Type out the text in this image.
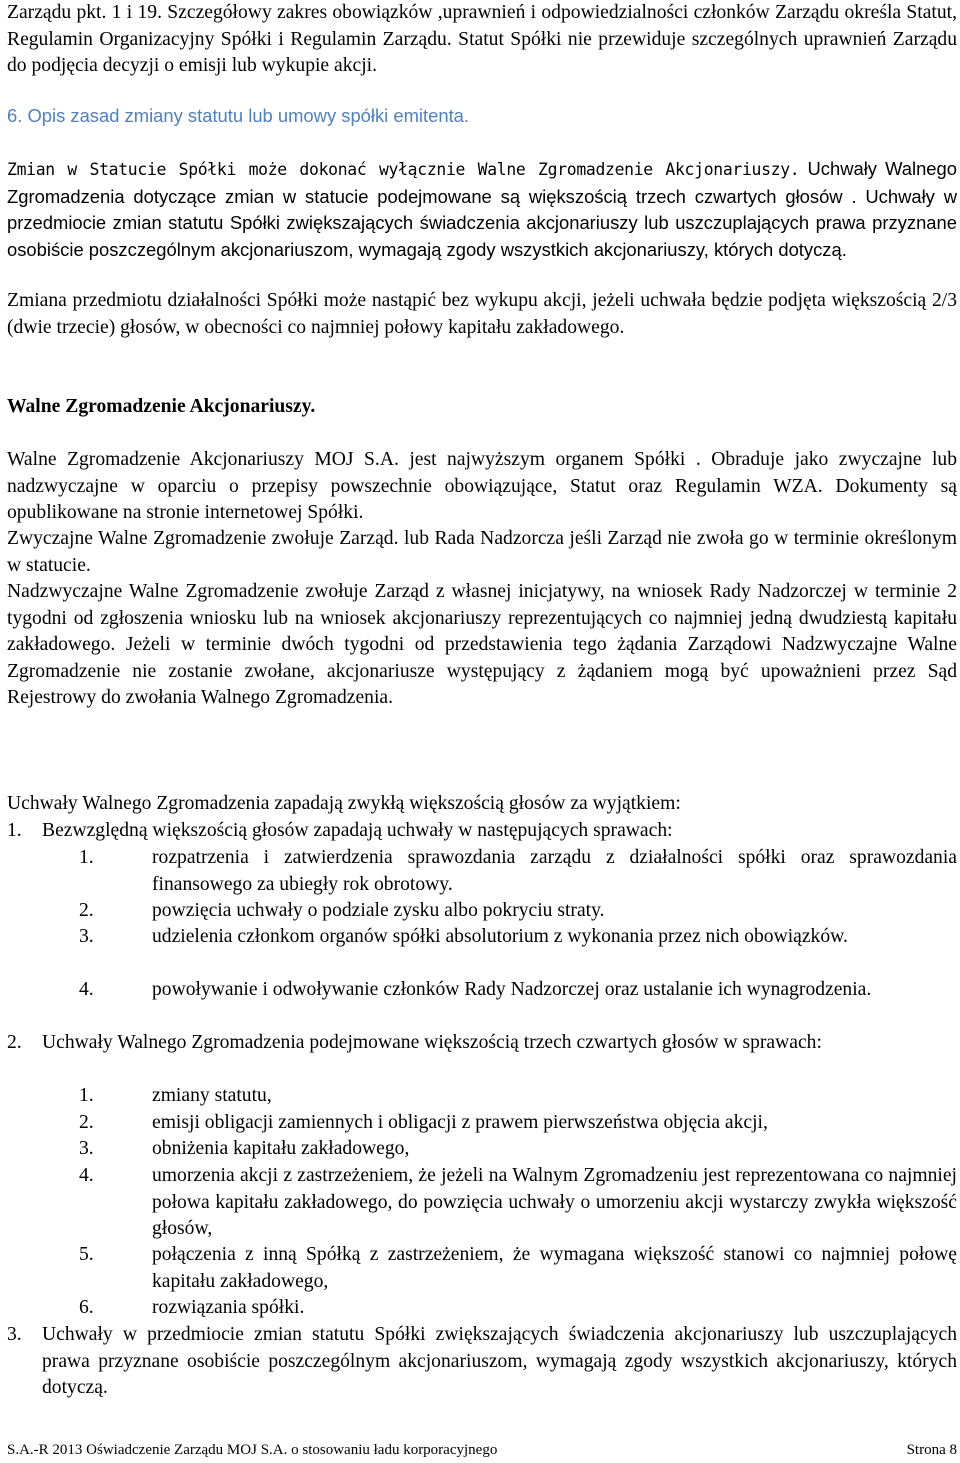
Zarządu pkt. 1 i 19. Szczegółowy zakres obowiązków ,uprawnień i odpowiedzialności członków Zarządu określa Statut, Regulamin Organizacyjny Spółki i Regulamin Zarządu. Statut Spółki nie przewiduje szczególnych uprawnień Zarządu do podjęcia decyzji o emisji lub wykupie akcji.

6. Opis zasad zmiany statutu lub umowy spółki emitenta.

Zmian w Statucie Spółki może dokonać wyłącznie Walne Zgromadzenie Akcjonariuszy. Uchwały Walnego Zgromadzenia dotyczące zmian w statucie podejmowane są większością trzech czwartych głosów . Uchwały w przedmiocie zmian statutu Spółki zwiększających świadczenia akcjonariuszy lub uszczuplających prawa przyznane osobiście poszczególnym akcjonariuszom, wymagają zgody wszystkich akcjonariuszy, których dotyczą.

Zmiana przedmiotu działalności Spółki może nastąpić bez wykupu akcji, jeżeli uchwała będzie podjęta większością 2/3 (dwie trzecie) głosów, w obecności co najmniej połowy kapitału zakładowego.

Walne Zgromadzenie Akcjonariuszy.

Walne Zgromadzenie Akcjonariuszy MOJ S.A. jest najwyższym organem Spółki . Obraduje jako zwyczajne lub nadzwyczajne w oparciu o przepisy powszechnie obowiązujące, Statut oraz Regulamin WZA. Dokumenty są opublikowane na stronie internetowej Spółki.

Zwyczajne Walne Zgromadzenie zwołuje Zarząd. lub Rada Nadzorcza jeśli Zarząd nie zwoła go w terminie określonym w statucie.

Nadzwyczajne Walne Zgromadzenie zwołuje Zarząd z własnej inicjatywy, na wniosek Rady Nadzorczej w terminie 2 tygodni od zgłoszenia wniosku lub na wniosek akcjonariuszy reprezentujących co najmniej jedną dwudziestą kapitału zakładowego. Jeżeli w terminie dwóch tygodni od przedstawienia tego żądania Zarządowi Nadzwyczajne Walne Zgromadzenie nie zostanie zwołane, akcjonariusze występujący z żądaniem mogą być upoważnieni przez Sąd Rejestrowy do zwołania Walnego Zgromadzenia.

Uchwały Walnego Zgromadzenia zapadają zwykłą większością głosów za wyjątkiem:

1.	Bezwzględną większością głosów zapadają uchwały w następujących sprawach:
1.	rozpatrzenia i zatwierdzenia sprawozdania zarządu z działalności spółki oraz sprawozdania finansowego za ubiegły rok obrotowy.
2.	powzięcia uchwały o podziale zysku albo pokryciu straty.
3.	udzielenia członkom organów spółki absolutorium z wykonania przez nich obowiązków.
4.	powoływanie i odwoływanie członków Rady Nadzorczej oraz ustalanie ich wynagrodzenia.
2.	Uchwały Walnego Zgromadzenia podejmowane większością trzech czwartych głosów w sprawach:
1.	zmiany statutu,
2.	emisji obligacji zamiennych i obligacji z prawem pierwszeństwa objęcia akcji,
3.	obniżenia kapitału zakładowego,
4.	umorzenia akcji z zastrzeżeniem, że jeżeli na Walnym Zgromadzeniu jest reprezentowana co najmniej połowa kapitału zakładowego, do powzięcia uchwały o umorzeniu akcji wystarczy zwykła większość głosów,
5.	połączenia z inną Spółką z zastrzeżeniem, że wymagana większość stanowi co najmniej połowę kapitału zakładowego,
6.	rozwiązania spółki.
3.	Uchwały w przedmiocie zmian statutu Spółki zwiększających świadczenia akcjonariuszy lub uszczuplających prawa przyznane osobiście poszczególnym akcjonariuszom, wymagają zgody wszystkich akcjonariuszy, których dotyczą.
S.A.-R 2013 Oświadczenie Zarządu MOJ S.A. o stosowaniu ładu korporacyjnego	Strona 8
